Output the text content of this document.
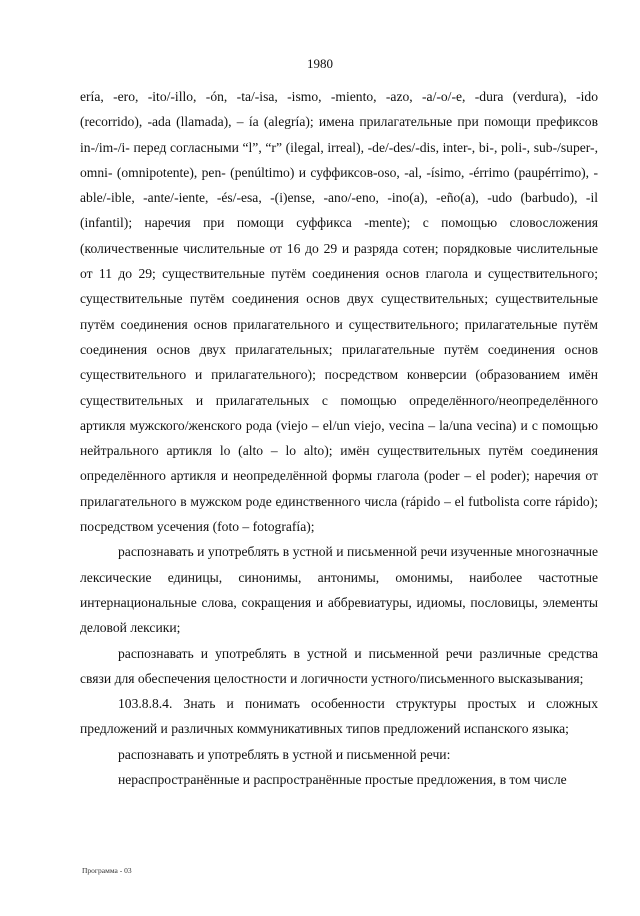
1980

ería, -ero, -ito/-illo, -ón, -ta/-isa, -ismo, -miento, -azo, -a/-o/-e, -dura (verdura), -ido (recorrido), -ada (llamada), – ía (alegría); имена прилагательные при помощи префиксов in-/im-/i- перед согласными “l”, “r” (ilegal, irreal), -de/-des/-dis, inter-, bi-, poli-, sub-/super-, omni- (omnipotente), pen- (penúltimo) и суффиксов-oso, -al, -ísimo, -érrimo (paupérrimo), -able/-ible, -ante/-iente, -és/-esa, -(i)ense, -ano/-eno, -ino(a), -eño(a), -udo (barbudo), -il (infantil); наречия при помощи суффикса -mente); с помощью словосложения (количественные числительные от 16 до 29 и разряда сотен; порядковые числительные от 11 до 29; существительные путём соединения основ глагола и существительного; существительные путём соединения основ двух существительных; существительные путём соединения основ прилагательного и существительного; прилагательные путём соединения основ двух прилагательных; прилагательные путём соединения основ существительного и прилагательного); посредством конверсии (образованием имён существительных и прилагательных с помощью определённого/неопределённого артикля мужского/женского рода (viejo – el/un viejo, vecina – la/una vecina) и с помощью нейтрального артикля lo (alto – lo alto); имён существительных путём соединения определённого артикля и неопределённой формы глагола (poder – el poder); наречия от прилагательного в мужском роде единственного числа (rápido – el futbolista corre rápido); посредством усечения (foto – fotografía);

распознавать и употреблять в устной и письменной речи изученные многозначные лексические единицы, синонимы, антонимы, омонимы, наиболее частотные интернациональные слова, сокращения и аббревиатуры, идиомы, пословицы, элементы деловой лексики;

распознавать и употреблять в устной и письменной речи различные средства связи для обеспечения целостности и логичности устного/письменного высказывания;

103.8.8.4. Знать и понимать особенности структуры простых и сложных предложений и различных коммуникативных типов предложений испанского языка;

распознавать и употреблять в устной и письменной речи:

нераспространённые и распространённые простые предложения, в том числе

Программа - 03
